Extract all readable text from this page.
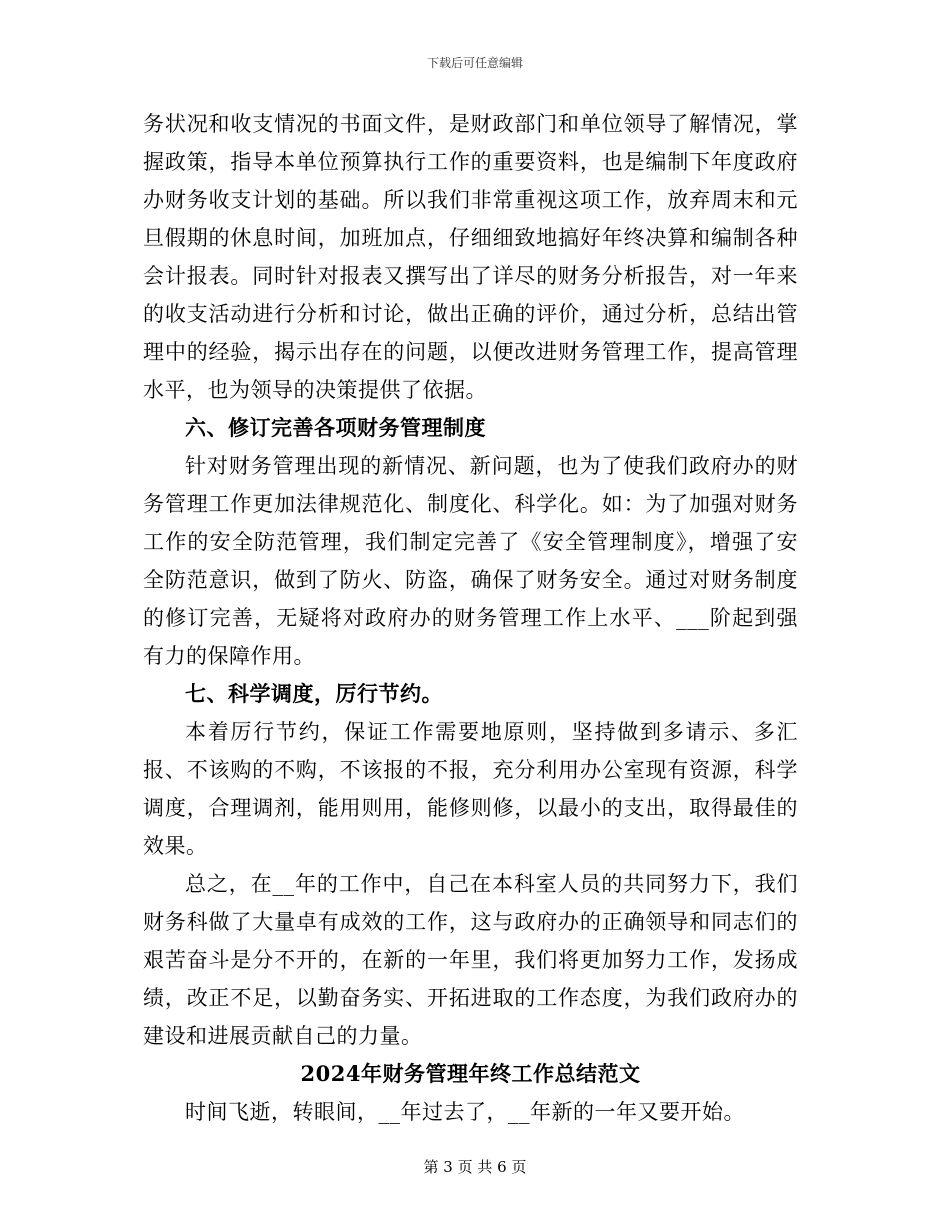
下载后可任意编辑

务状况和收支情况的书面文件，是财政部门和单位领导了解情况，掌握政策，指导本单位预算执行工作的重要资料，也是编制下年度政府办财务收支计划的基础。所以我们非常重视这项工作，放弃周末和元旦假期的休息时间，加班加点，仔细细致地搞好年终决算和编制各种会计报表。同时针对报表又撰写出了详尽的财务分析报告，对一年来的收支活动进行分析和讨论，做出正确的评价，通过分析，总结出管理中的经验，揭示出存在的问题，以便改进财务管理工作，提高管理水平，也为领导的决策提供了依据。

六、修订完善各项财务管理制度

针对财务管理出现的新情况、新问题，也为了使我们政府办的财务管理工作更加法律规范化、制度化、科学化。如：为了加强对财务工作的安全防范管理，我们制定完善了《安全管理制度》，增强了安全防范意识，做到了防火、防盗，确保了财务安全。通过对财务制度的修订完善，无疑将对政府办的财务管理工作上水平、___阶起到强有力的保障作用。

七、科学调度，厉行节约。

本着厉行节约，保证工作需要地原则，坚持做到多请示、多汇报、不该购的不购，不该报的不报，充分利用办公室现有资源，科学调度，合理调剂，能用则用，能修则修，以最小的支出，取得最佳的效果。

总之，在__年的工作中，自己在本科室人员的共同努力下，我们财务科做了大量卓有成效的工作，这与政府办的正确领导和同志们的艰苦奋斗是分不开的，在新的一年里，我们将更加努力工作，发扬成绩，改正不足，以勤奋务实、开拓进取的工作态度，为我们政府办的建设和进展贡献自己的力量。

2024年财务管理年终工作总结范文

时间飞逝，转眼间，__年过去了，__年新的一年又要开始。

第 3 页 共 6 页
